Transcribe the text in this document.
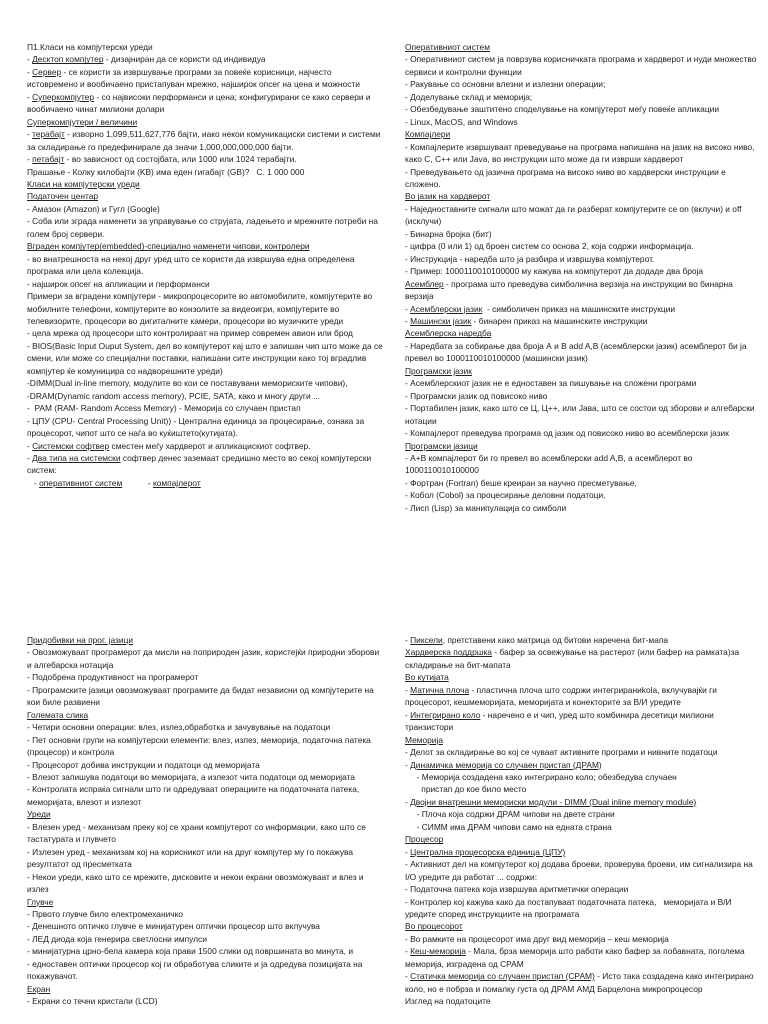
П1.Класи на компјутерски уреди
- Десктоп компјутер - дизајниран да се користи од индивидуа
- Сервер - се користи за извршување програми за повеќе корисници, најчесто истовремено и вообичаено пристапуван мрежно, најширок опсег на цена и можности
- Суперкомпјутер - со највисоки перформанси и цена; конфигурирани се како сервери и вообичаено чинат милиони долари
Суперкомпјутери / величини
- терабајт - изворно 1,099,511,627,776 бајти, иако некои комуникациски системи и системи за складирање го предефинирале да значи 1,000,000,000,000 бајти.
- петабајт - во зависност од состојбата, или 1000 или 1024 терабајти.
Прашање - Колку килобајти (KB) има еден гигабајт (GB)?   С. 1 000 000
Класи на компјутерски уреди
Податочен центар
- Амазон (Amazon) и Гугл (Google)
- Соба или зграда наменети за управување со струјата, ладењето и мрежните потреби на голем број сервери.
Вграден компјутер(embedded)-специјално наменети чипови, контролери
- во внатрешноста на некој друг уред што се користи да извршува една определена програма или цела колекција.
- најширок опсег на апликации и перформанси
Примери за вградени компјутери - микропроцесорите во автомобилите, компјутерите во мобилните телефони, компјутерите во конзолите за видеоигри, компјутерите во телевизорите, процесори во дигиталните камери, процесори во музичките уреди
- цела мрежа од процесори што контролираат на пример современ авион или брод
- BIOS(Basic Input Ouput System, дел во компјутерот кај што е запишан чип што може да се смени, или може со специјални поставки, напишани сите инструкции како тој вградлив компјутер ќе комуницира со надворешните уреди)
-DIMM(Dual in-line memory, модулите во кои се поставувани мемориските чипови),
-DRAM(Dynamic random access memory), PCIE, SATA, како и многу други ...
-  PAM (RAM- Random Access Memory) - Меморија со случаен пристап
- ЦПУ (CPU- Central Processing Unit)) - Централна единица за процесирање, ознака за процесорот, чипот што се наѓа во куќиштето(кутијата).
- Системски софтвер сместен меѓу хардверот и апликацискиот софтвер.
- Два типа на системски софтвер денес заземаат средишно место во секој компјутерски систем:
- оперативниот систем           - компајлерот
Оперативниот систем
- Оперативниот систем ја поврзува корисничката програма и хардверот и нуди множество сервиси и контролни функции
- Ракување со основни влезни и излезни операции;
- Доделување склад и меморија;
- Обезбедување заштитено споделување на компјутерот меѓу повеќе апликации
- Linux, MacOS, and Windows
Компајлери
- Компајлерите извршуваат преведување на програма напишана на јазик на високо ниво, како С, С++ или Java, во инструкции што може да ги изврши хардверот
- Преведувањето од јазична програма на високо ниво во хардверски инструкции е сложено.
Во јазик на хардверот
- Наједноставните сигнали што можат да ги разберат компјутерите се on (вклучи) и off (исклучи)
- Бинарна бројка (бит)
- цифра (0 или 1) од броен систем со основа 2, која содржи информација.
- Инструкција - наредба што ја разбира и извршува компјутерот.
- Пример: 1000110010100000 му кажува на компјутерот да додаде два броја
Асемблер - програма што преведува симболична верзија на инструкции во бинарна верзија
- Асемблерски јазик  - симболичен приказ на машинските инструкции
- Машински јазик - бинарен приказ на машинските инструкции
Асемблерска наредба
- Наредбата за собирање два броја А и В add A,B (асемблерски јазик) асемблерот би ја превел во 1000110010100000 (машински јазик)
Програмски јазик
- Асемблерскиот јазик не е едноставен за пишување на сложени програми
- Програмски јазик од повисоко ниво
- Портабилен јазик, како што се Ц, Ц++, или Јава, што се состои од зборови и алгебарски нотации
- Компајлерот преведува програма од јазик од повисоко ниво во асемблерски јазик
Програмски јазици
- А+В компајлерот би го превел во асемблерски add A,B, а асемблерот во 1000110010100000
- Фортран (Fortran) беше креиран за научно пресметување,
- Кобол (Cobol) за процесирање деловни податоци,
- Лисп (Lisp) за манипулација со симболи
Придобивки на прог. јазици
- Овозможуваат програмерот да мисли на поприроден јазик, користејќи природни зборови и алгебарска нотација
- Подобрена продуктивност на програмерот
- Програмските јазици овозможуваат програмите да бидат независни од компјутерите на кои биле развиени
Големата слика
- Четири основни операции: влез, излез,обработка и зачувување на податоци
- Пет основни групи на компјутерски елементи: влез, излез, меморија, податочна патека (процесор) и контрола
- Процесорот добива инструкции и податоци од меморијата
- Влезот запишува податоци во меморијата, а излезот чита податоци од меморијата
- Контролата испраќа сигнали што ги одредуваат операциите на податочната патека, меморијата, влезот и излезот
Уреди
- Влезен уред - механизам преку кој се храни компјутерот со информации, како што се тастатурата и глувчето
- Излезен уред - механизам кој на корисникот или на друг компјутер му го покажува резултатот од пресметката
- Некои уреди, како што се мрежите, дисковите и некои екрани овозможуваат и влез и излез
Глувче
- Првото глувче било електромеханичко
- Денешното оптичко глувче е минијатурен оптички процесор што вклучува
- ЛЕД диода која генерира светлосни импулси
- минијатурна црно-бела камера која прави 1500 слики од површината во минута, и
- едноставен оптички процесор кој ги обработува сликите и ја одредува позицијата на покажувачот.
Екран
- Екрани со течни кристали (LCD)
- Пиксели, претставени како матрица од битови наречена бит-мапа
Хардверска поддршка - бафер за освежување на растерот (или бафер на рамката)за складирање на бит-мапата
Во кутијата
- Матична плоча - пластична плоча што содржи интегрираниkola, вклучувајќи ги процесорот, кешмеморијата, меморијата и конекторите за В/И уредите
- Интегрирано коло - наречено е и чип, уред што комбинира десетици милиони транзистори
Меморија
- Делот за складирање во кој се чуваат активните програми и нивните податоци
- Динамичка меморија со случаен пристап (ДРАМ)
- Меморија создадена како интегрирано коло; обезбедува случаен
пристап до кое било место
- Двојни внатрешни мемориски модули - DIMM (Dual inline memory module)
- Плоча која содржи ДРАМ чипови на двете страни
- СИММ има ДРАМ чипови само на едната страна
Процесор
- Централна процесорска единица (ЦПУ)
- Активниот дел на компјутерот кој додава броеви, проверува броеви, им сигнализира на I/O уредите да работат ... содржи:
- Податочна патека која извршува аритметички операции
- Контролер кој кажува како да постапуваат податочната патека,   меморијата и В/И уредите според инструкциите на програмата
Во процесорот
- Во рамките на процесорот има друг вид меморија – кеш меморија
- Кеш-меморија - Мала, брза меморија што работи како бафер за побавната, поголема меморија, изградена од СРАМ
- Статичка меморија со случаен пристап (СРАМ) - Исто така создадена како интегрирано коло, но е побрза и помалку густа од ДРАМ АМД Барцелона микропроцесор
Изглед на податоците
